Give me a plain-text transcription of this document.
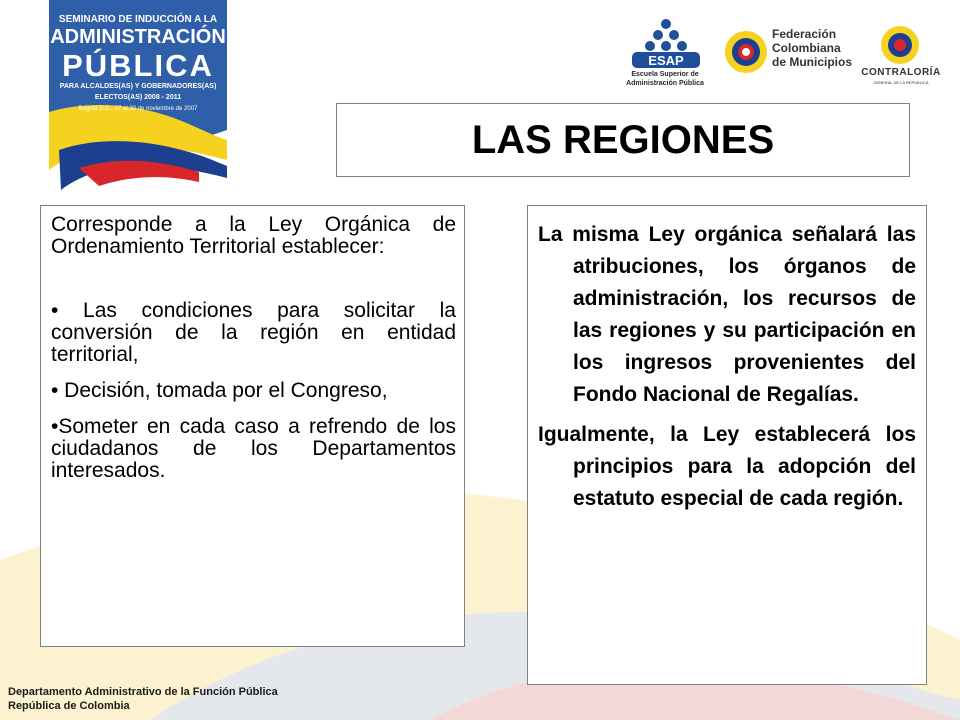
SEMINARIO DE INDUCCIÓN A LA
ADMINISTRACIÓN
PÚBLICA
PARA ALCALDES(AS) Y GOBERNADORES(AS)
ELECTOS(AS) 2008 - 2011
Bogotá D.C., 27 al 30 de noviembre de 2007
ESAP
Escuela Superior de Administración Pública
Federación
Colombiana
de Municipios
CONTRALORÍA
GENERAL DE LA REPÚBLICA
LAS REGIONES

Corresponde a la Ley Orgánica de Ordenamiento Territorial establecer:

• Las condiciones para solicitar la conversión de la región en entidad territorial,

• Decisión, tomada por el Congreso,

•Someter en cada caso a refrendo de los ciudadanos de los Departamentos interesados.

La misma Ley orgánica señalará las atribuciones, los órganos de administración, los recursos de las regiones y su participación en los ingresos provenientes del Fondo Nacional de Regalías.

Igualmente, la Ley establecerá los principios para la adopción del estatuto especial de cada región.

Departamento Administrativo de la Función Pública
República de Colombia
